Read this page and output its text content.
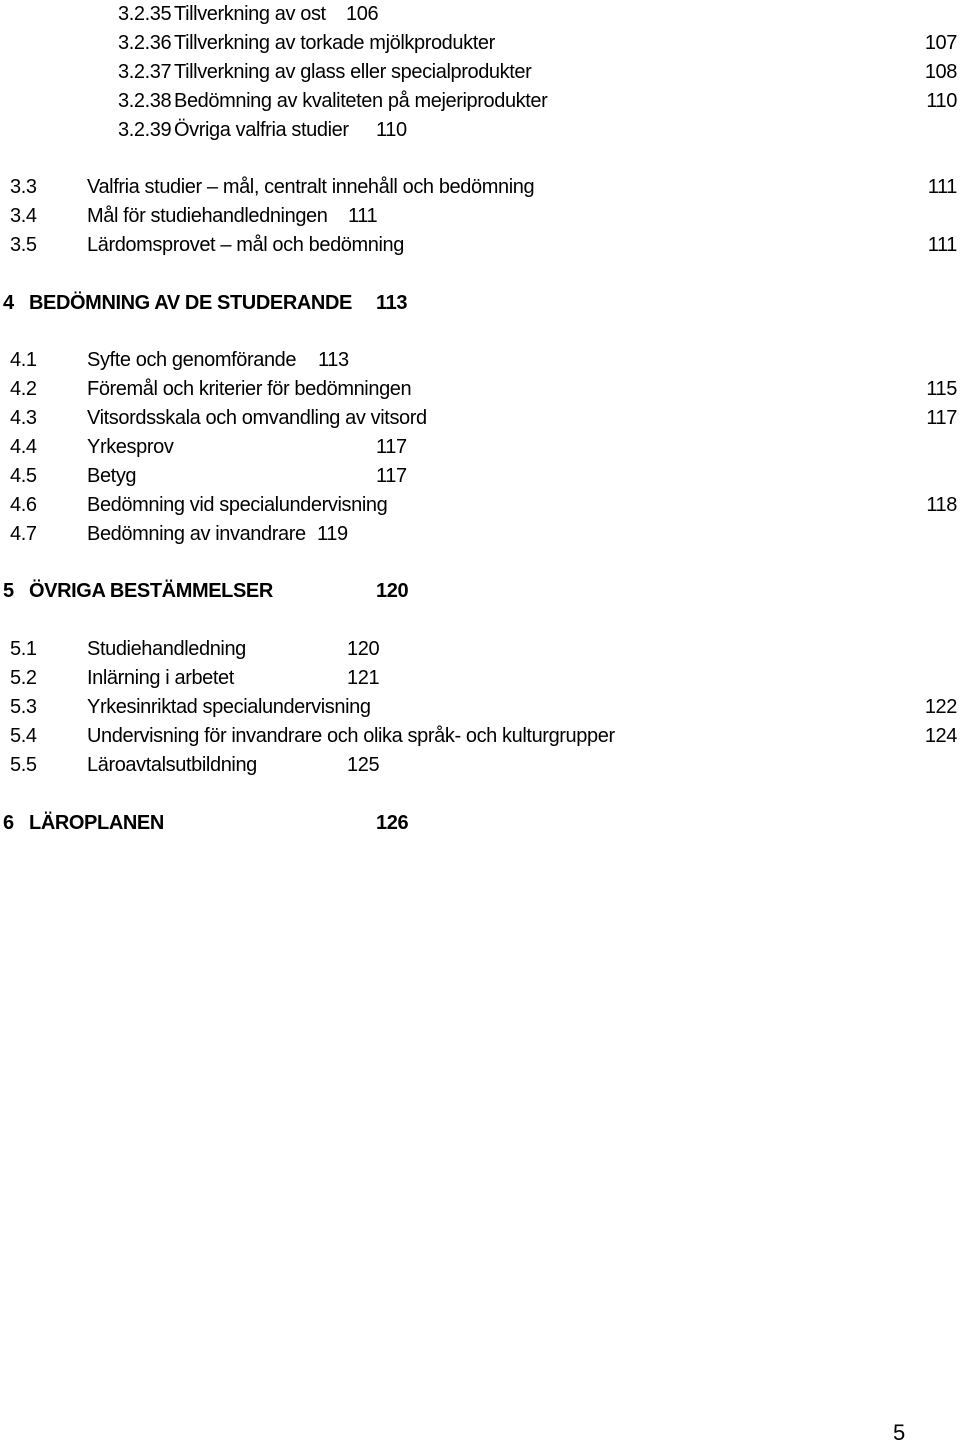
3.2.35 Tillverkning av ost 106
3.2.36 Tillverkning av torkade mjölkprodukter	107
3.2.37 Tillverkning av glass eller specialprodukter	108
3.2.38 Bedömning av kvaliteten på mejeriprodukter	110
3.2.39 Övriga valfria studier 110
3.3	Valfria studier – mål, centralt innehåll och bedömning	111
3.4	Mål för studiehandledningen 111
3.5	Lärdomsprovet – mål och bedömning	111
4 BEDÖMNING AV DE STUDERANDE 113
4.1	Syfte och genomförande 113
4.2	Föremål och kriterier för bedömningen	115
4.3	Vitsordsskala och omvandling av vitsord	117
4.4	Yrkesprov	117
4.5	Betyg	117
4.6	Bedömning vid specialundervisning	118
4.7	Bedömning av invandrare 119
5 ÖVRIGA BESTÄMMELSER	120
5.1	Studiehandledning	120
5.2	Inlärning i arbetet	121
5.3	Yrkesinriktad specialundervisning	122
5.4	Undervisning för invandrare och olika språk- och kulturgrupper	124
5.5	Läroavtalsutbildning	125
6 LÄROPLANEN	126
5
